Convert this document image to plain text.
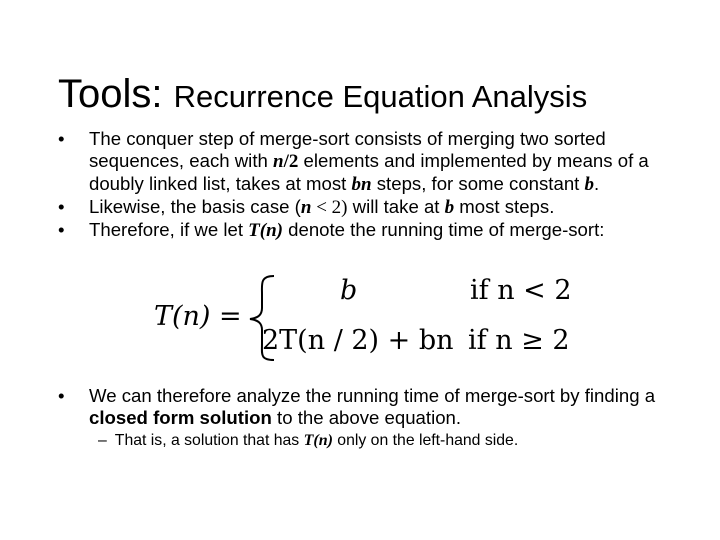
Tools: Recurrence Equation Analysis

• The conquer step of merge-sort consists of merging two sorted sequences, each with n/2 elements and implemented by means of a doubly linked list, takes at most bn steps, for some constant b.

• Likewise, the basis case (n < 2) will take at b most steps.

• Therefore, if we let T(n) denote the running time of merge-sort:

T(n) =
b	if n < 2
2T(n / 2) + bn if n ≥ 2

• We can therefore analyze the running time of merge-sort by finding a closed form solution to the above equation.

– That is, a solution that has T(n) only on the left-hand side.
